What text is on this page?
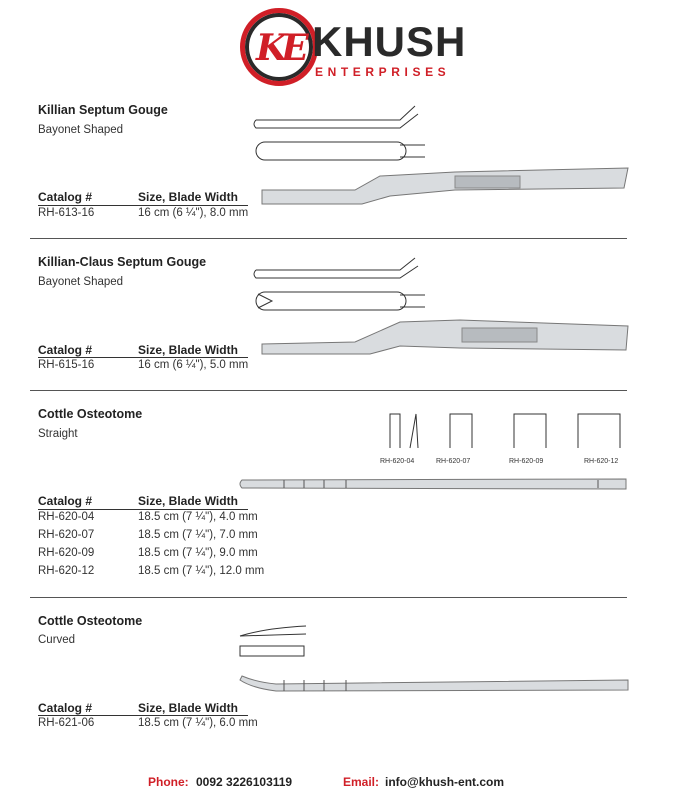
KE KHUSH
ENTERPRISES
Killian Septum Gouge
Bayonet Shaped
Catalog #	Size, Blade Width
RH-613-16	16 cm (6 ¼"), 8.0 mm
Killian-Claus Septum Gouge
Bayonet Shaped
Catalog #	Size, Blade Width
RH-615-16	16 cm (6 ¼"), 5.0 mm
Cottle Osteotome
Straight
RH-620-04	RH-620-07	RH-620-09	RH-620-12
Catalog #	Size, Blade Width
RH-620-04	18.5 cm (7 ¼"), 4.0 mm
RH-620-07	18.5 cm (7 ¼"), 7.0 mm
RH-620-09	18.5 cm (7 ¼"), 9.0 mm
RH-620-12	18.5 cm (7 ¼"), 12.0 mm
Cottle Osteotome
Curved
Catalog #	Size, Blade Width
RH-621-06	18.5 cm (7 ¼"), 6.0 mm
Phone: 0092 3226103119	Email: info@khush-ent.com
